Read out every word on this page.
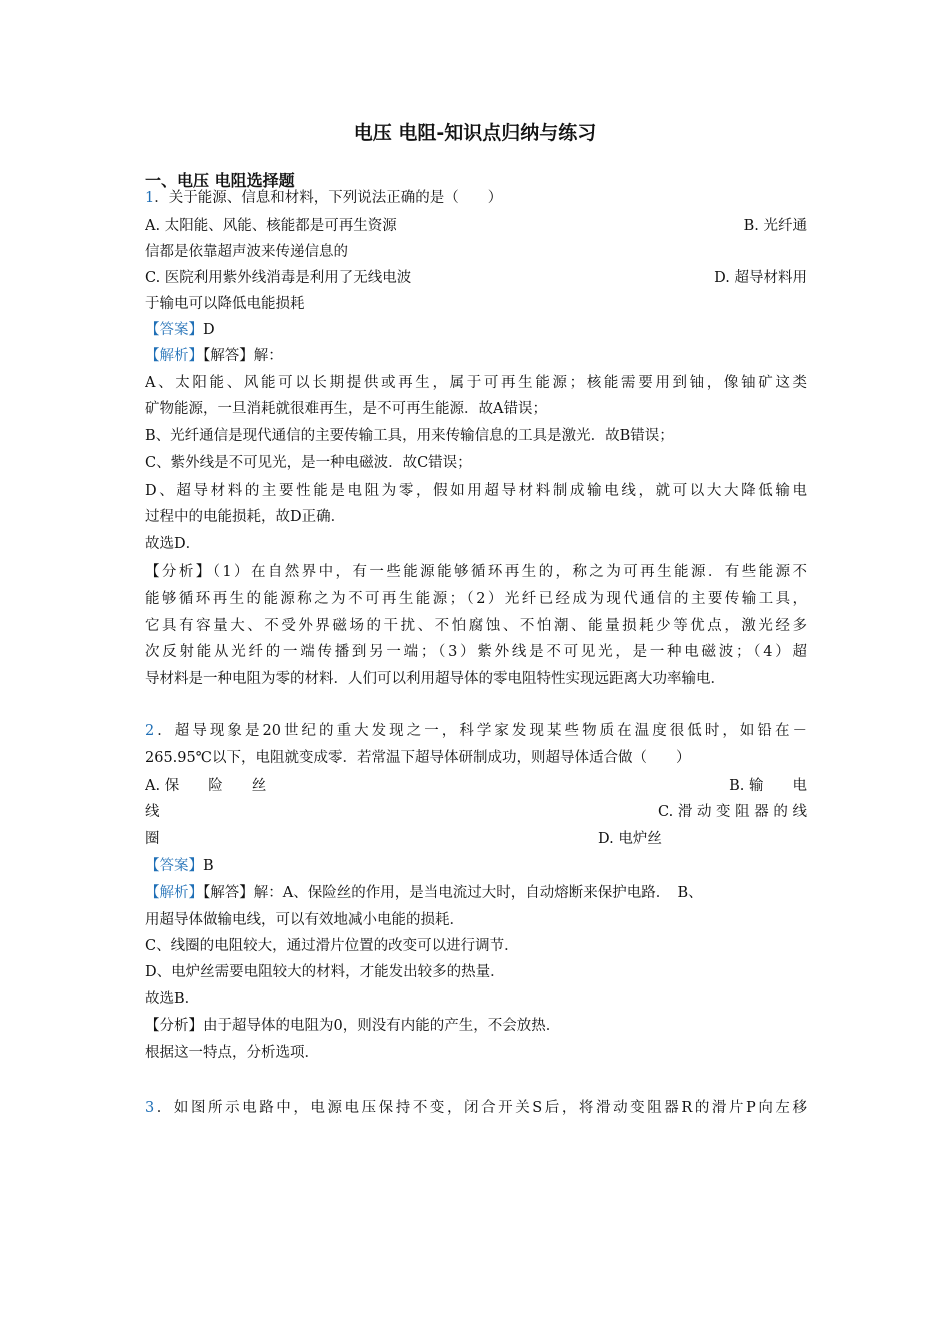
电压 电阻-知识点归纳与练习
一、电压 电阻选择题
1．关于能源、信息和材料，下列说法正确的是（　　）
A. 太阳能、风能、核能都是可再生资源	B. 光纤通
信都是依靠超声波来传递信息的
C. 医院利用紫外线消毒是利用了无线电波	D. 超导材料用
于输电可以降低电能损耗
【答案】D
【解析】【解答】解：
A、太阳能、风能可以长期提供或再生，属于可再生能源；核能需要用到铀，像铀矿这类
矿物能源，一旦消耗就很难再生，是不可再生能源．故A错误；
B、光纤通信是现代通信的主要传输工具，用来传输信息的工具是激光．故B错误；
C、紫外线是不可见光，是一种电磁波．故C错误；
D、超导材料的主要性能是电阻为零，假如用超导材料制成输电线，就可以大大降低输电
过程中的电能损耗，故D正确．
故选D．
【分析】（1）在自然界中，有一些能源能够循环再生的，称之为可再生能源．有些能源不
能够循环再生的能源称之为不可再生能源；（2）光纤已经成为现代通信的主要传输工具，
它具有容量大、不受外界磁场的干扰、不怕腐蚀、不怕潮、能量损耗少等优点，激光经多
次反射能从光纤的一端传播到另一端；（3）紫外线是不可见光，是一种电磁波；（4）超
导材料是一种电阻为零的材料．人们可以利用超导体的零电阻特性实现远距离大功率输电．
2．超导现象是20世纪的重大发现之一，科学家发现某些物质在温度很低时，如铅在－
265.95℃以下，电阻就变成零．若常温下超导体研制成功，则超导体适合做（　　）
A. 保　　险　　丝	B. 输　　电
线	C. 滑 动 变 阻 器 的 线
圈	D. 电炉丝
【答案】B
【解析】【解答】解：A、保险丝的作用，是当电流过大时，自动熔断来保护电路．　B、
用超导体做输电线，可以有效地减小电能的损耗．
C、线圈的电阻较大，通过滑片位置的改变可以进行调节．
D、电炉丝需要电阻较大的材料，才能发出较多的热量．
故选B．
【分析】由于超导体的电阻为0，则没有内能的产生，不会放热．
根据这一特点，分析选项．
3．如图所示电路中，电源电压保持不变，闭合开关S后，将滑动变阻器R的滑片P向左移
